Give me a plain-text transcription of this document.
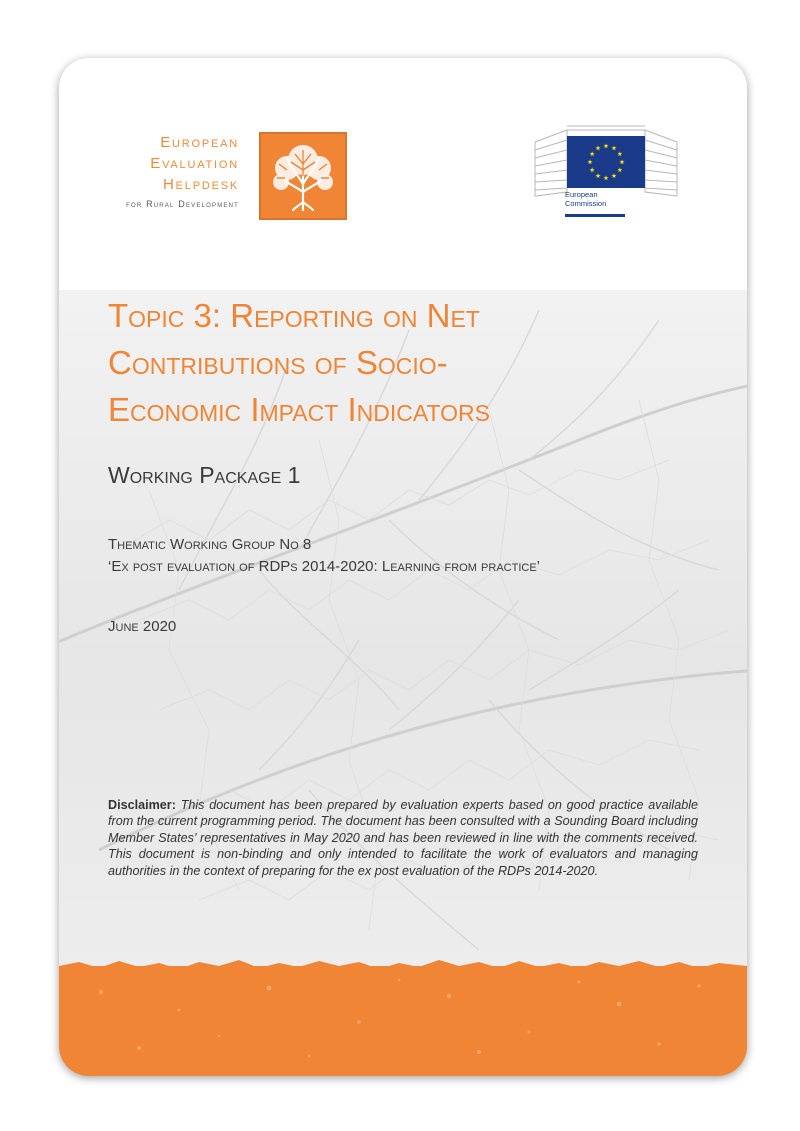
European
Evaluation
Helpdesk
for Rural Development
European
Commission
Topic 3: Reporting on Net
Contributions of Socio-
Economic Impact Indicators
Working Package 1
Thematic Working Group No 8
‘Ex post evaluation of RDPs 2014-2020: Learning from practice’
June 2020

Disclaimer: This document has been prepared by evaluation experts based on good practice available from the current programming period. The document has been consulted with a Sounding Board including Member States’ representatives in May 2020 and has been reviewed in line with the comments received. This document is non-binding and only intended to facilitate the work of evaluators and managing authorities in the context of preparing for the ex post evaluation of the RDPs 2014-2020.
